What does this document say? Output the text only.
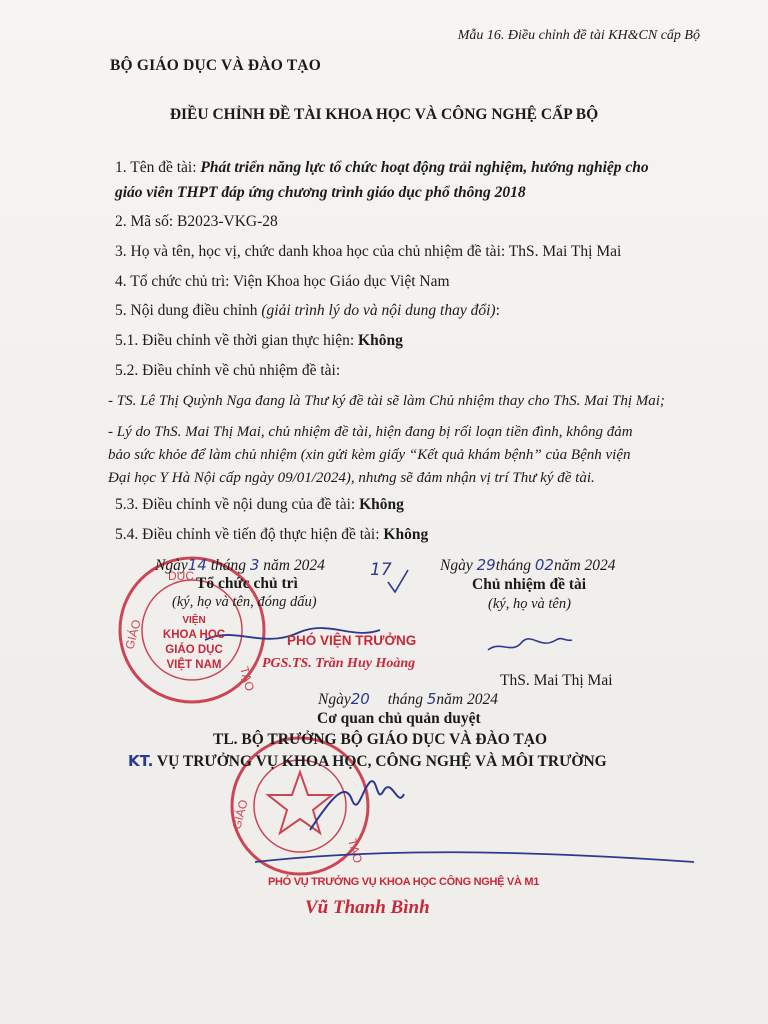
Mẫu 16. Điều chỉnh đề tài KH&CN cấp Bộ
BỘ GIÁO DỤC VÀ ĐÀO TẠO
ĐIỀU CHỈNH ĐỀ TÀI KHOA HỌC VÀ CÔNG NGHỆ CẤP BỘ
1. Tên đề tài: Phát triển năng lực tổ chức hoạt động trải nghiệm, hướng nghiệp cho
giáo viên THPT đáp ứng chương trình giáo dục phổ thông 2018
2. Mã số: B2023-VKG-28
3. Họ và tên, học vị, chức danh khoa học của chủ nhiệm đề tài: ThS. Mai Thị Mai
4. Tổ chức chủ trì: Viện Khoa học Giáo dục Việt Nam
5. Nội dung điều chỉnh (giải trình lý do và nội dung thay đổi):
5.1. Điều chỉnh về thời gian thực hiện: Không
5.2. Điều chỉnh về chủ nhiệm đề tài:
- TS. Lê Thị Quỳnh Nga đang là Thư ký đề tài sẽ làm Chủ nhiệm thay cho ThS. Mai Thị Mai;
- Lý do ThS. Mai Thị Mai, chủ nhiệm đề tài, hiện đang bị rối loạn tiền đình, không đảm
bảo sức khỏe để làm chủ nhiệm (xin gửi kèm giấy “Kết quả khám bệnh” của Bệnh viện
Đại học Y Hà Nội cấp ngày 09/01/2024), nhưng sẽ đảm nhận vị trí Thư ký đề tài.
5.3. Điều chỉnh về nội dung của đề tài: Không
5.4. Điều chỉnh về tiến độ thực hiện đề tài: Không
GIÁO
TẠO
DỤC
GIÁO
TẠO
Ngày14 tháng 3 năm 2024
Tổ chức chủ trì
(ký, họ và tên, đóng dấu)
VIỆN
KHOA HỌC
GIÁO DỤC
VIỆT NAM
PHÓ VIỆN TRƯỞNG
PGS.TS. Trần Huy Hoàng
17	Ngày 29tháng 02năm 2024
Chủ nhiệm đề tài
(ký, họ và tên)
ThS. Mai Thị Mai
Ngày20 tháng 5năm 2024
Cơ quan chủ quản duyệt
TL. BỘ TRƯỞNG BỘ GIÁO DỤC VÀ ĐÀO TẠO
KT. VỤ TRƯỞNG VỤ KHOA HỌC, CÔNG NGHỆ VÀ MÔI TRƯỜNG
PHÓ VỤ TRƯỞNG VỤ KHOA HỌC CÔNG NGHỆ VÀ M1
Vũ Thanh Bình
